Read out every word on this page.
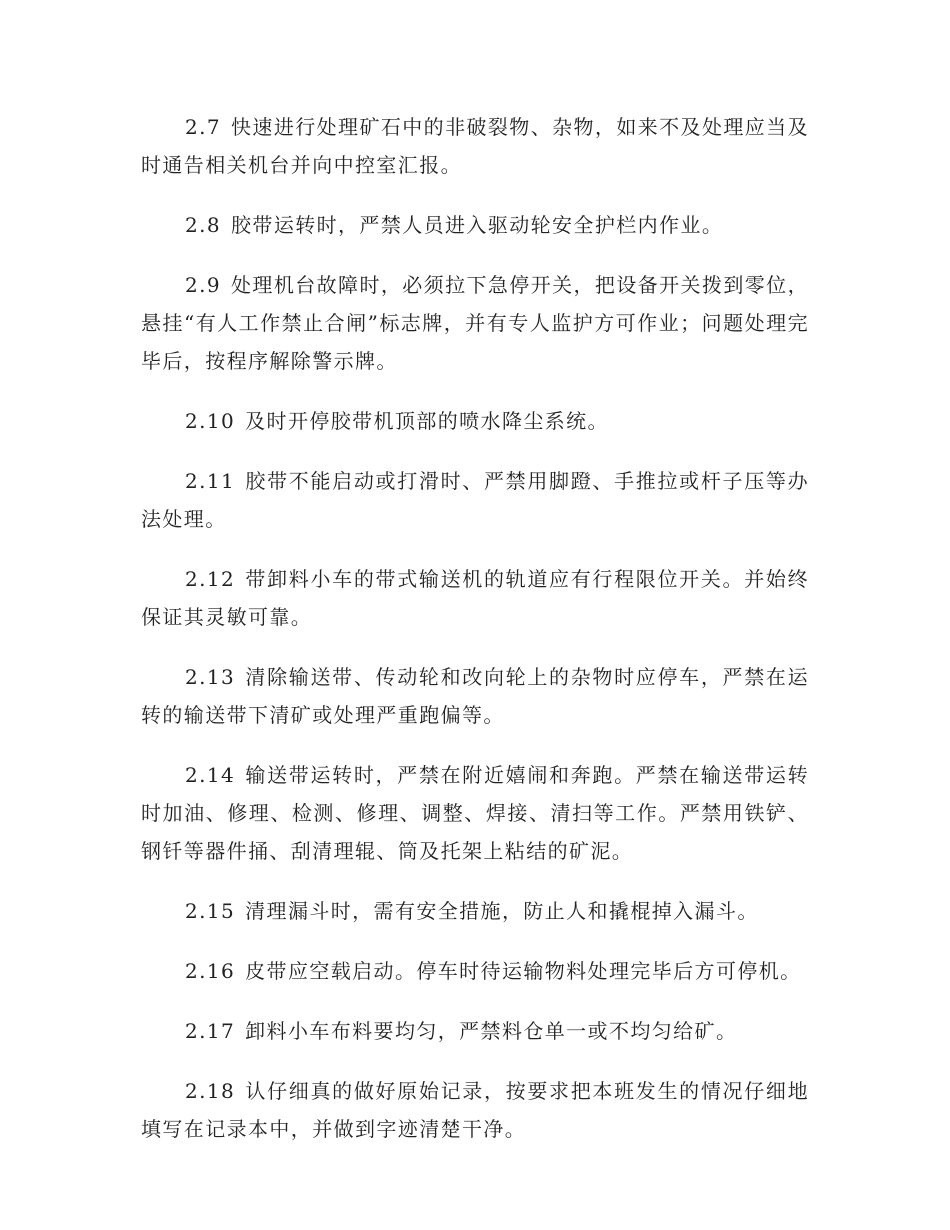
2.7 快速进行处理矿石中的非破裂物、杂物，如来不及处理应当及时通告相关机台并向中控室汇报。

2.8 胶带运转时，严禁人员进入驱动轮安全护栏内作业。

2.9 处理机台故障时，必须拉下急停开关，把设备开关拨到零位，悬挂“有人工作禁止合闸”标志牌，并有专人监护方可作业；问题处理完毕后，按程序解除警示牌。

2.10 及时开停胶带机顶部的喷水降尘系统。

2.11 胶带不能启动或打滑时、严禁用脚蹬、手推拉或杆子压等办法处理。

2.12 带卸料小车的带式输送机的轨道应有行程限位开关。并始终保证其灵敏可靠。

2.13 清除输送带、传动轮和改向轮上的杂物时应停车，严禁在运转的输送带下清矿或处理严重跑偏等。

2.14 输送带运转时，严禁在附近嬉闹和奔跑。严禁在输送带运转时加油、修理、检测、修理、调整、焊接、清扫等工作。严禁用铁铲、钢钎等器件捅、刮清理辊、筒及托架上粘结的矿泥。

2.15 清理漏斗时，需有安全措施，防止人和撬棍掉入漏斗。

2.16 皮带应空载启动。停车时待运输物料处理完毕后方可停机。

2.17 卸料小车布料要均匀，严禁料仓单一或不均匀给矿。

2.18 认仔细真的做好原始记录，按要求把本班发生的情况仔细地填写在记录本中，并做到字迹清楚干净。
